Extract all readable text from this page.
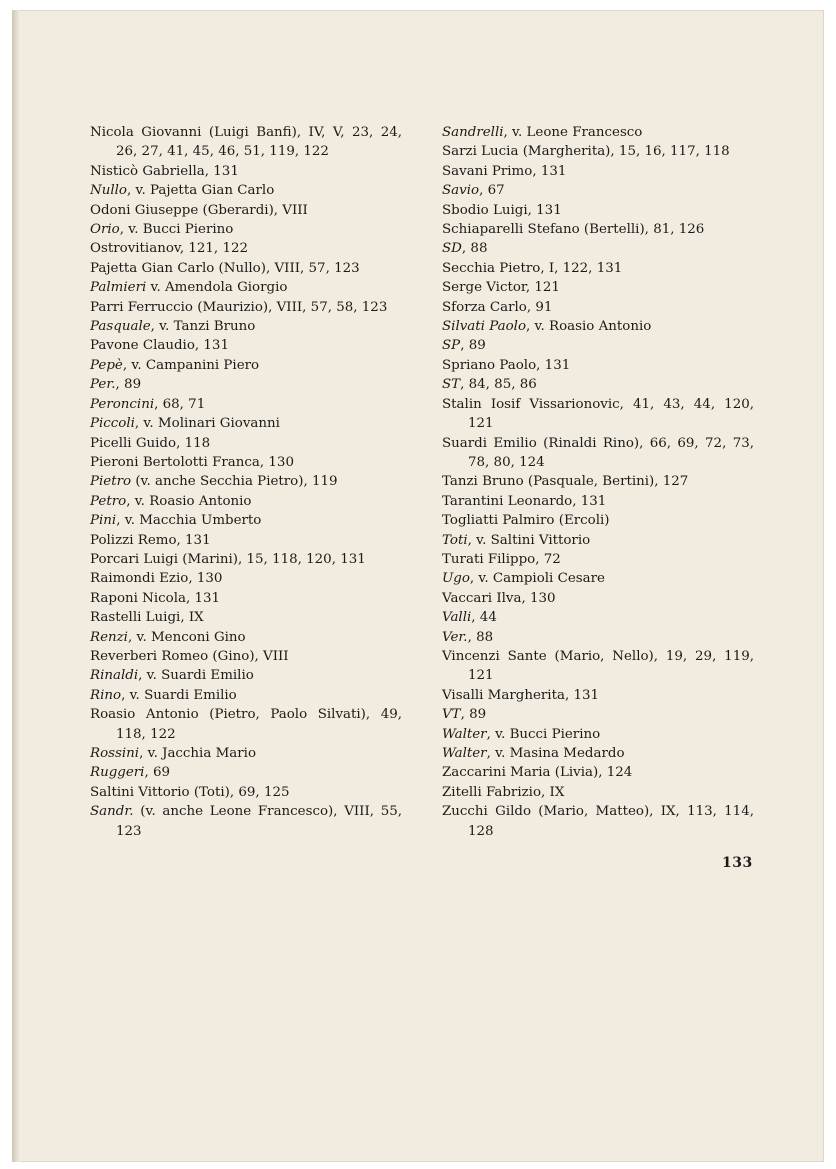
Nicola Giovanni (Luigi Banfi), IV, V, 23, 24, 26, 27, 41, 45, 46, 51, 119, 122

Nisticò Gabriella, 131

Nullo, v. Pajetta Gian Carlo

Odoni Giuseppe (Gberardi), VIII

Orio, v. Bucci Pierino

Ostrovitianov, 121, 122

Pajetta Gian Carlo (Nullo), VIII, 57, 123

Palmieri v. Amendola Giorgio

Parri Ferruccio (Maurizio), VIII, 57, 58, 123

Pasquale, v. Tanzi Bruno

Pavone Claudio, 131

Pepè, v. Campanini Piero

Per., 89

Peroncini, 68, 71

Piccoli, v. Molinari Giovanni

Picelli Guido, 118

Pieroni Bertolotti Franca, 130

Pietro (v. anche Secchia Pietro), 119

Petro, v. Roasio Antonio

Pini, v. Macchia Umberto

Polizzi Remo, 131

Porcari Luigi (Marini), 15, 118, 120, 131

Raimondi Ezio, 130

Raponi Nicola, 131

Rastelli Luigi, IX

Renzi, v. Menconi Gino

Reverberi Romeo (Gino), VIII

Rinaldi, v. Suardi Emilio

Rino, v. Suardi Emilio

Roasio Antonio (Pietro, Paolo Silvati), 49, 118, 122

Rossini, v. Jacchia Mario

Ruggeri, 69

Saltini Vittorio (Toti), 69, 125

Sandr. (v. anche Leone Francesco), VIII, 55, 123

Sandrelli, v. Leone Francesco

Sarzi Lucia (Margherita), 15, 16, 117, 118

Savani Primo, 131

Savio, 67

Sbodio Luigi, 131

Schiaparelli Stefano (Bertelli), 81, 126

SD, 88

Secchia Pietro, I, 122, 131

Serge Victor, 121

Sforza Carlo, 91

Silvati Paolo, v. Roasio Antonio

SP, 89

Spriano Paolo, 131

ST, 84, 85, 86

Stalin Iosif Vissarionovic, 41, 43, 44, 120, 121

Suardi Emilio (Rinaldi Rino), 66, 69, 72, 73, 78, 80, 124

Tanzi Bruno (Pasquale, Bertini), 127

Tarantini Leonardo, 131

Togliatti Palmiro (Ercoli)

Toti, v. Saltini Vittorio

Turati Filippo, 72

Ugo, v. Campioli Cesare

Vaccari Ilva, 130

Valli, 44

Ver., 88

Vincenzi Sante (Mario, Nello), 19, 29, 119, 121

Visalli Margherita, 131

VT, 89

Walter, v. Bucci Pierino

Walter, v. Masina Medardo

Zaccarini Maria (Livia), 124

Zitelli Fabrizio, IX

Zucchi Gildo (Mario, Matteo), IX, 113, 114, 128

133
